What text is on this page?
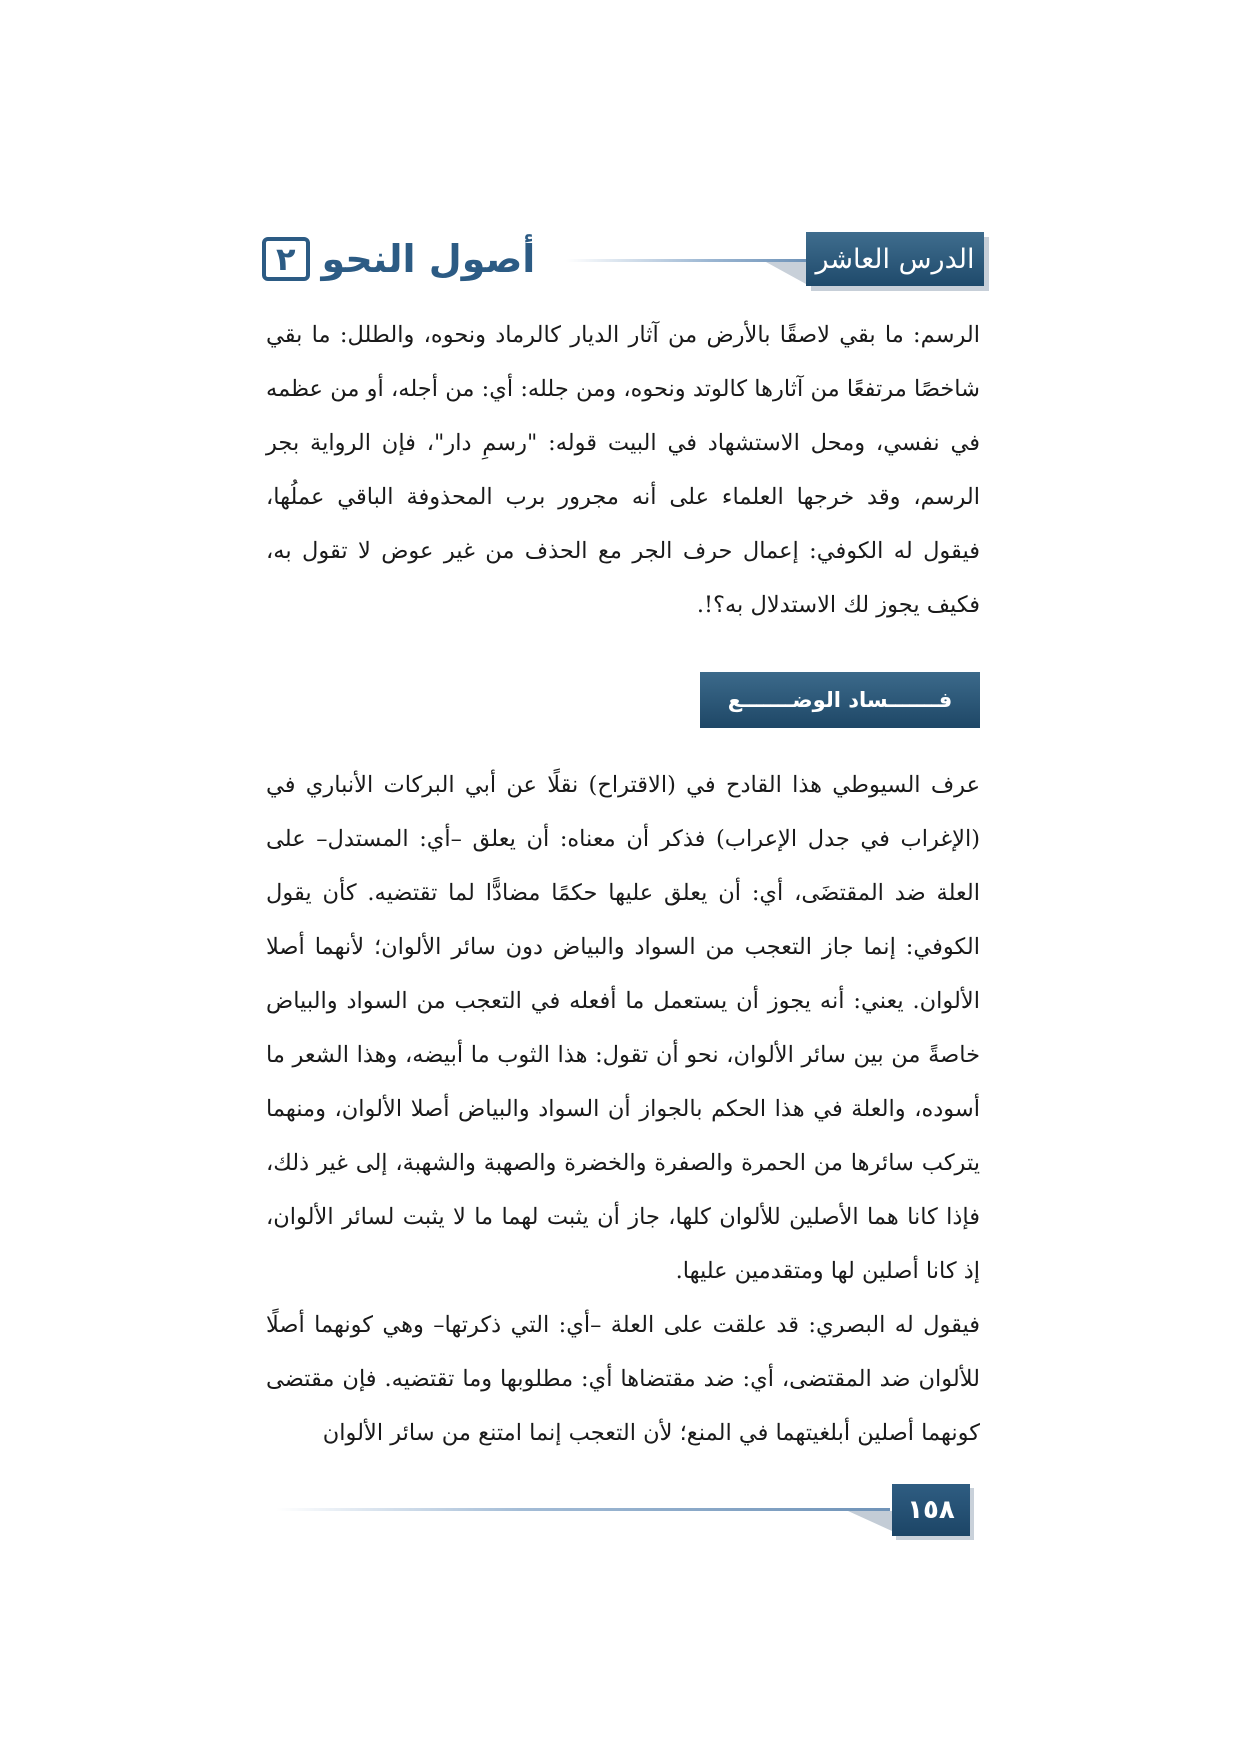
الدرس العاشر
أصول النحو
٢

الرسم: ما بقي لاصقًا بالأرض من آثار الديار كالرماد ونحوه، والطلل: ما بقي شاخصًا مرتفعًا من آثارها كالوتد ونحوه، ومن جلله: أي: من أجله، أو من عظمه في نفسي، ومحل الاستشهاد في البيت قوله: "رسمِ دار"، فإن الرواية بجر الرسم، وقد خرجها العلماء على أنه مجرور برب المحذوفة الباقي عملُها، فيقول له الكوفي: إعمال حرف الجر مع الحذف من غير عوض لا تقول به، فكيف يجوز لك الاستدلال به؟!.

فـــــــساد الوضـــــــع

عرف السيوطي هذا القادح في (الاقتراح) نقلًا عن أبي البركات الأنباري في (الإغراب في جدل الإعراب) فذكر أن معناه: أن يعلق –أي: المستدل– على العلة ضد المقتضَى، أي: أن يعلق عليها حكمًا مضادًّا لما تقتضيه. كأن يقول الكوفي: إنما جاز التعجب من السواد والبياض دون سائر الألوان؛ لأنهما أصلا الألوان. يعني: أنه يجوز أن يستعمل ما أفعله في التعجب من السواد والبياض خاصةً من بين سائر الألوان، نحو أن تقول: هذا الثوب ما أبيضه، وهذا الشعر ما أسوده، والعلة في هذا الحكم بالجواز أن السواد والبياض أصلا الألوان، ومنهما يتركب سائرها من الحمرة والصفرة والخضرة والصهبة والشهبة، إلى غير ذلك، فإذا كانا هما الأصلين للألوان كلها، جاز أن يثبت لهما ما لا يثبت لسائر الألوان، إذ كانا أصلين لها ومتقدمين عليها.

فيقول له البصري: قد علقت على العلة –أي: التي ذكرتها– وهي كونهما أصلًا للألوان ضد المقتضى، أي: ضد مقتضاها أي: مطلوبها وما تقتضيه. فإن مقتضى كونهما أصلين أبلغيتهما في المنع؛ لأن التعجب إنما امتنع من سائر الألوان

١٥٨
